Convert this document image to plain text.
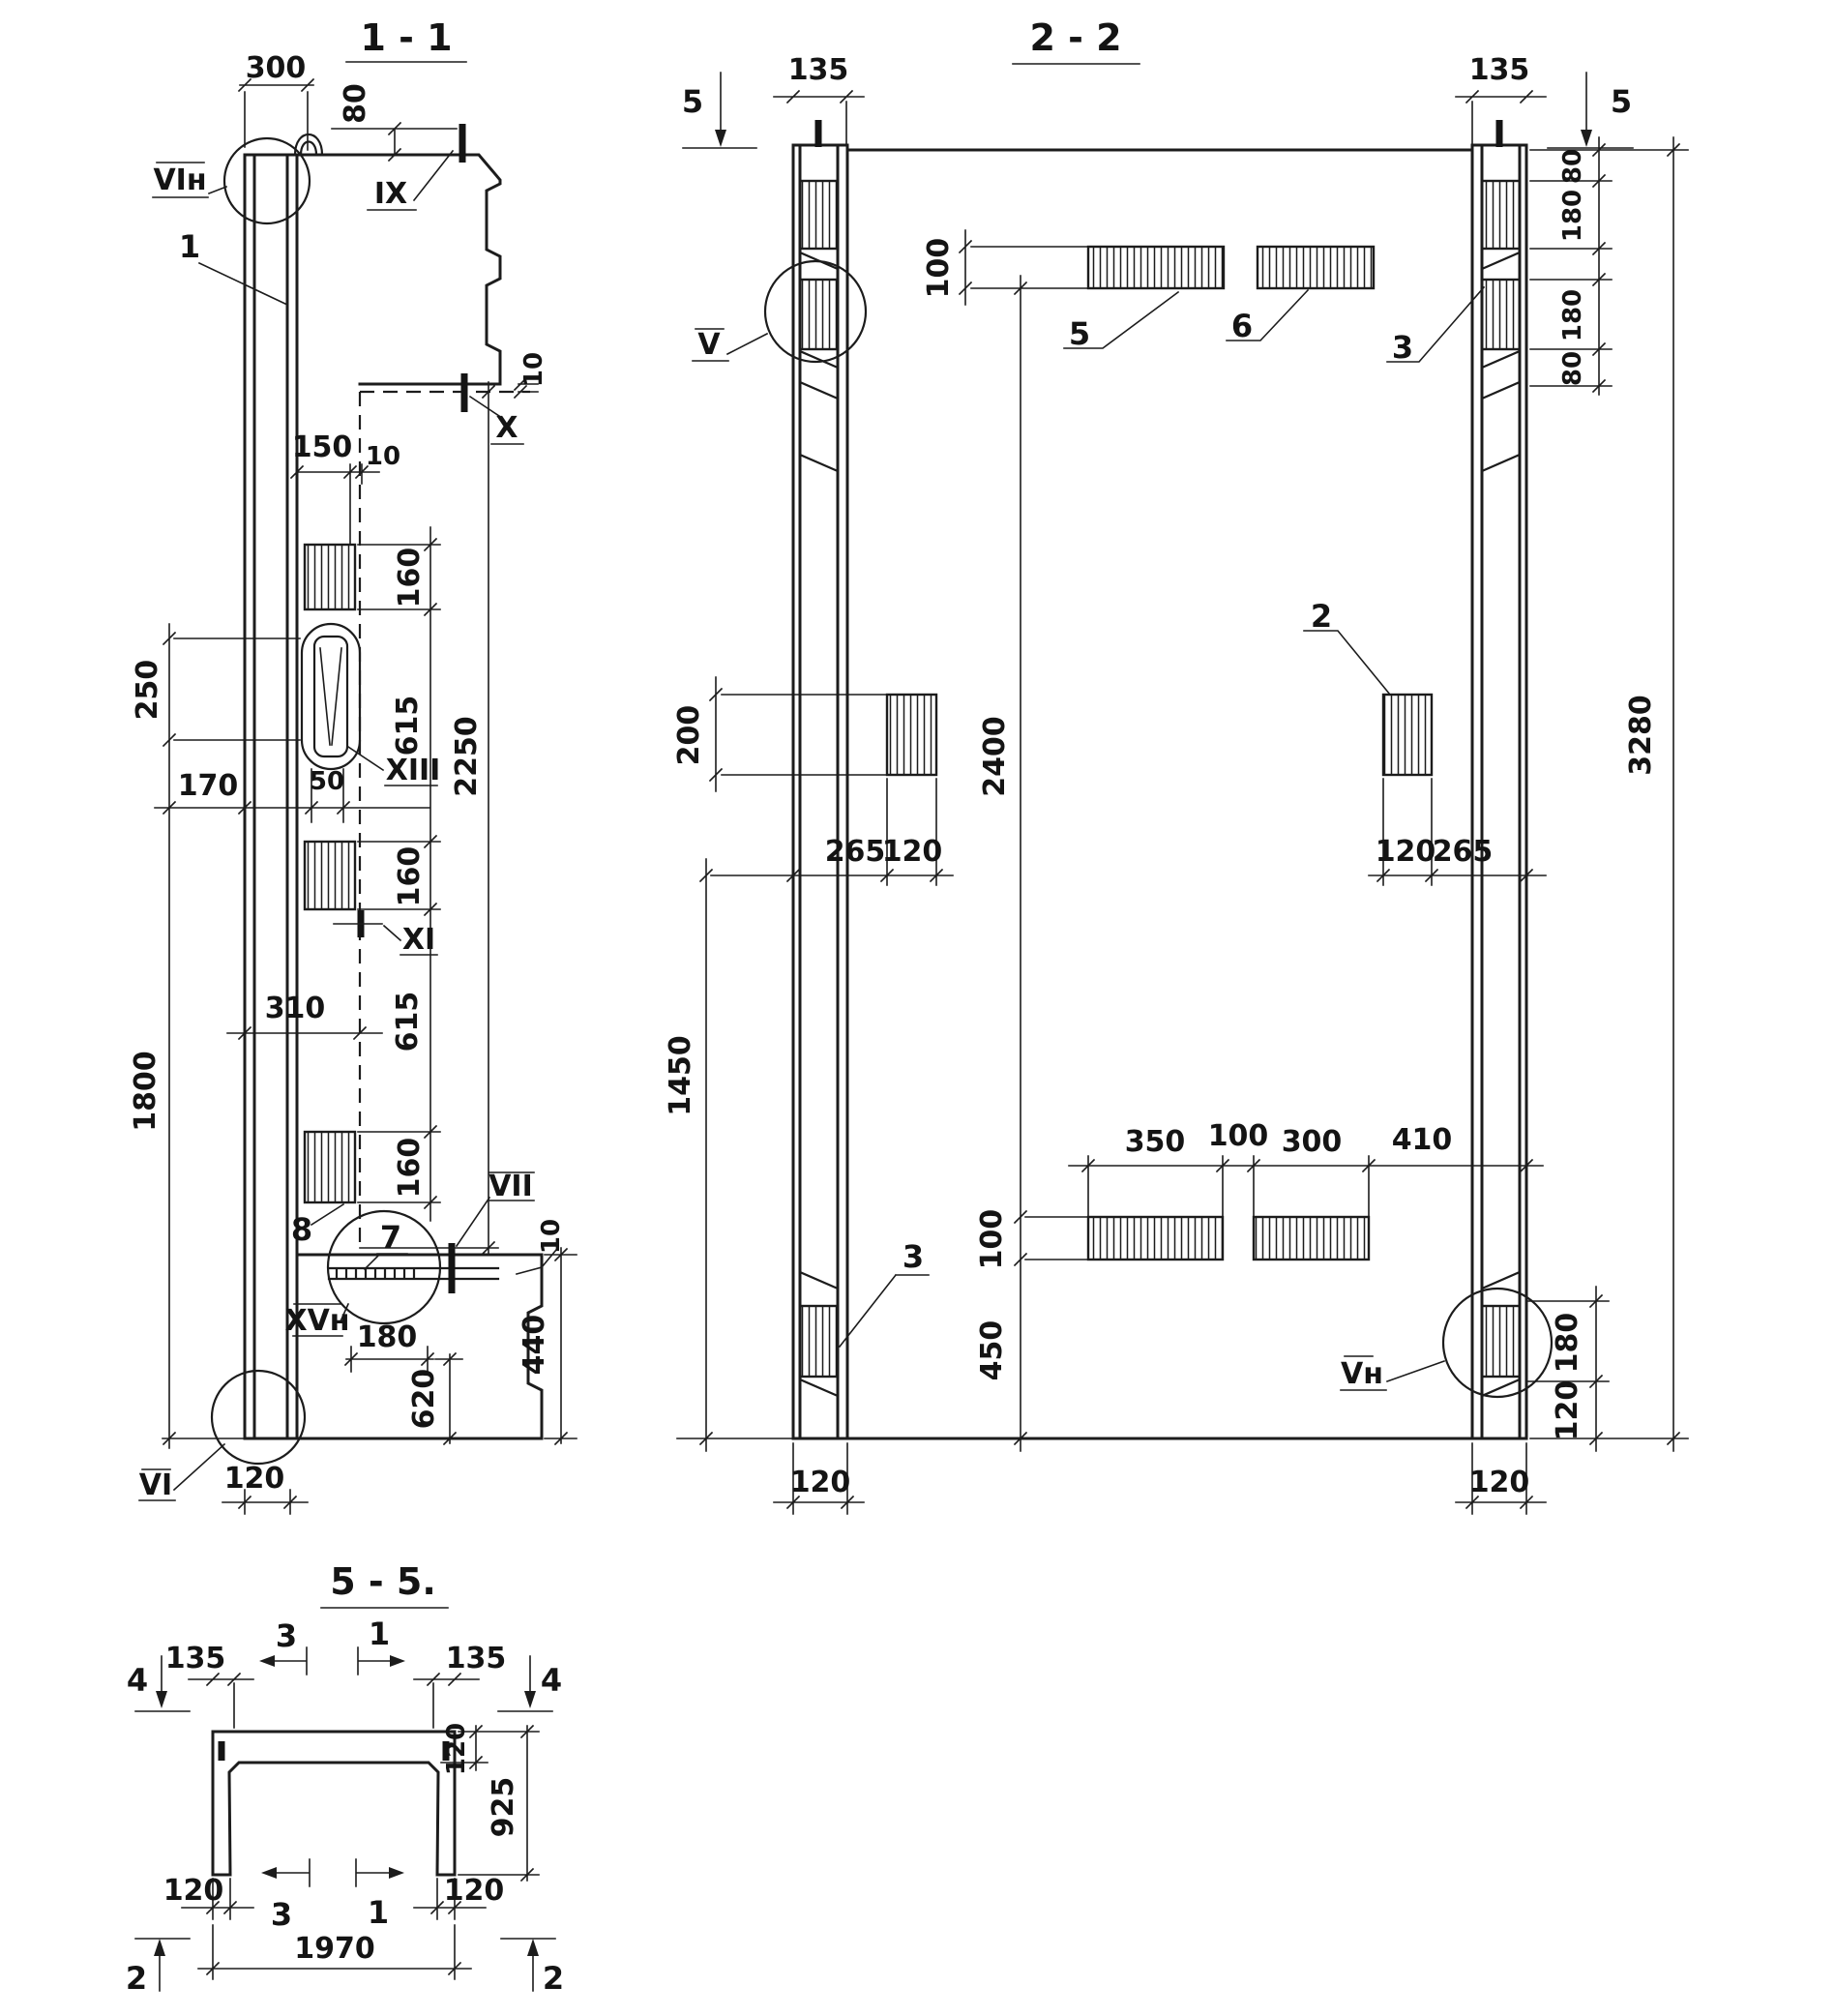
1 - 1
300
80
IX
VIн
1
10
X
150 10
160
615
160
615
160
2250
250
170	50 XIII
XI
310
1800
8 7
VII
10
XVн 180
620
440
VI 120
2 - 2
5
135	135
5
80
180
180
80
100
5	6
3
V
2
200	2400	3280
265
120	120
265
1450
3
350 100 300 410
100
450	Vн
180
120
120	120
5 - 5.
3 1
4
135	135
4
120
925
120
3 1
120
1970
2	2
